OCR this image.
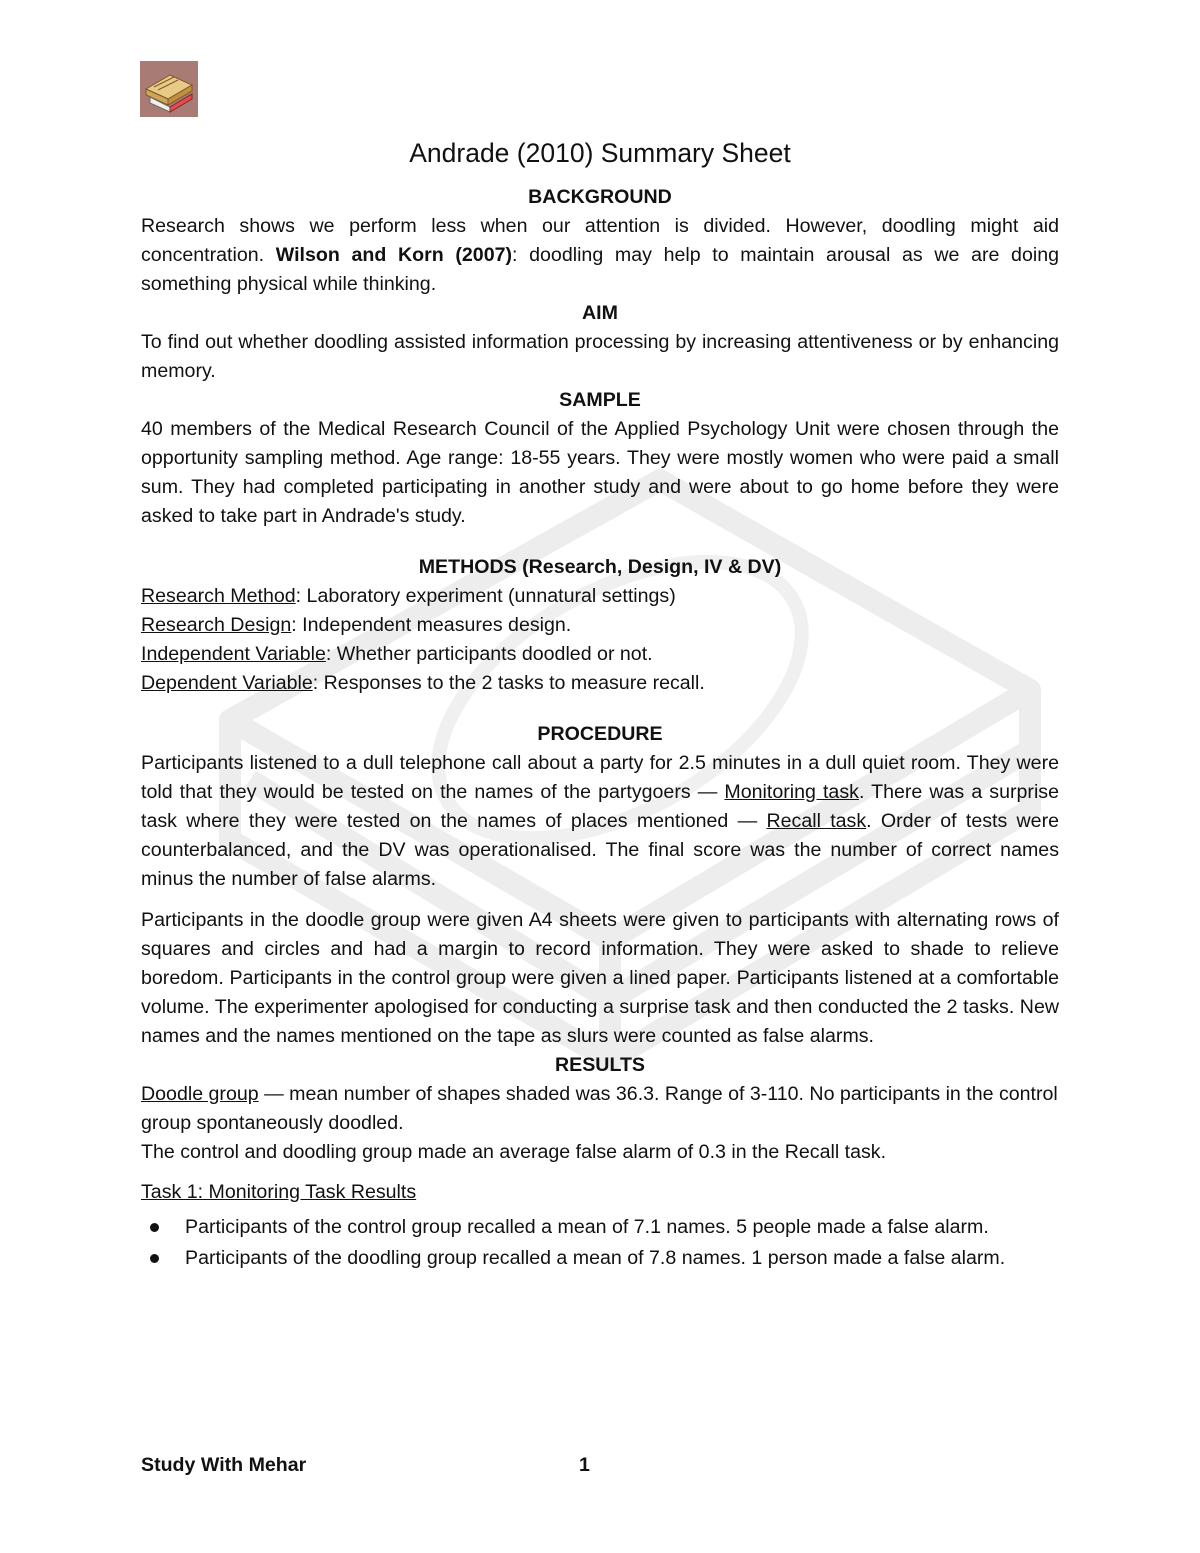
Andrade (2010) Summary Sheet

BACKGROUND

Research shows we perform less when our attention is divided. However, doodling might aid concentration. Wilson and Korn (2007): doodling may help to maintain arousal as we are doing something physical while thinking.

AIM

To find out whether doodling assisted information processing by increasing attentiveness or by enhancing memory.

SAMPLE

40 members of the Medical Research Council of the Applied Psychology Unit were chosen through the opportunity sampling method. Age range: 18-55 years. They were mostly women who were paid a small sum. They had completed participating in another study and were about to go home before they were asked to take part in Andrade's study.

METHODS (Research, Design, IV & DV)

Research Method: Laboratory experiment (unnatural settings)

Research Design: Independent measures design.

Independent Variable: Whether participants doodled or not.

Dependent Variable: Responses to the 2 tasks to measure recall.

PROCEDURE

Participants listened to a dull telephone call about a party for 2.5 minutes in a dull quiet room. They were told that they would be tested on the names of the partygoers — Monitoring task. There was a surprise task where they were tested on the names of places mentioned — Recall task. Order of tests were counterbalanced, and the DV was operationalised. The final score was the number of correct names minus the number of false alarms.

Participants in the doodle group were given A4 sheets were given to participants with alternating rows of squares and circles and had a margin to record information. They were asked to shade to relieve boredom. Participants in the control group were given a lined paper. Participants listened at a comfortable volume. The experimenter apologised for conducting a surprise task and then conducted the 2 tasks. New names and the names mentioned on the tape as slurs were counted as false alarms.

RESULTS

Doodle group — mean number of shapes shaded was 36.3. Range of 3-110. No participants in the control group spontaneously doodled.

The control and doodling group made an average false alarm of 0.3 in the Recall task.

Task 1: Monitoring Task Results

Participants of the control group recalled a mean of 7.1 names. 5 people made a false alarm.
Participants of the doodling group recalled a mean of 7.8 names. 1 person made a false alarm.
Study With Mehar	1
